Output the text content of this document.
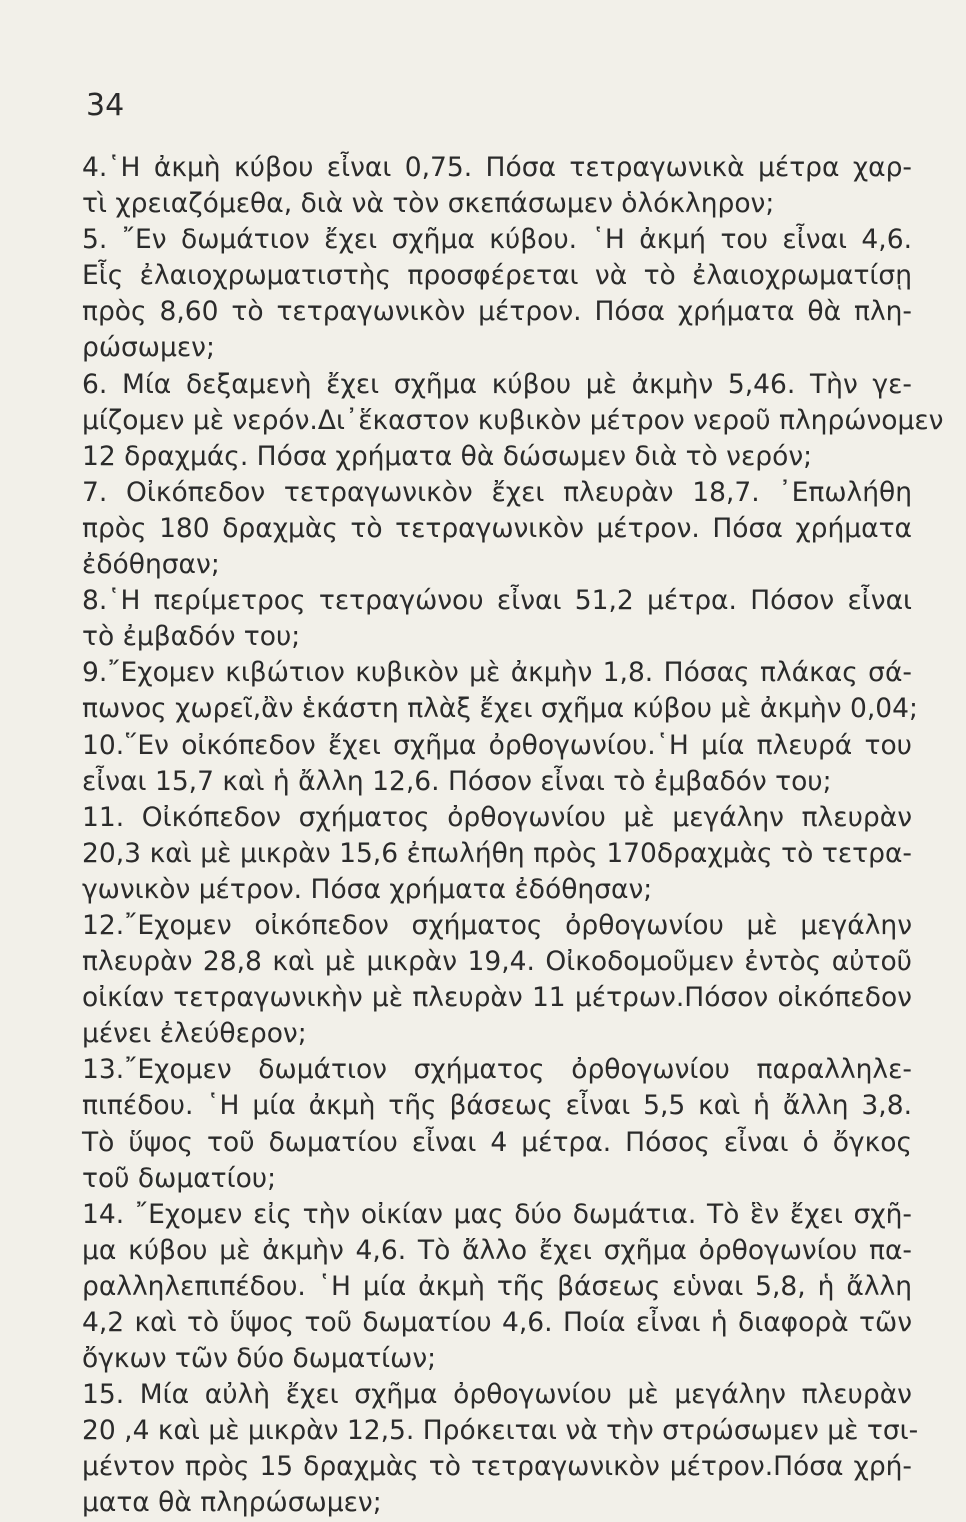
34
4.῾Η ἀκμὴ κύβου εἶναι 0,75. Πόσα τετραγωνικὰ μέτρα χαρ-
τὶ χρειαζόμεθα, διὰ νὰ τὸν σκεπάσωμεν ὁλόκληρον;
5. ῎Εν δωμάτιον ἔχει σχῆμα κύβου. ῾Η ἀκμή του εἶναι 4,6.
Εἷς ἐλαιοχρωματιστὴς προσφέρεται νὰ τὸ ἐλαιοχρωματίσῃ
πρὸς 8,60 τὸ τετραγωνικὸν μέτρον. Πόσα χρήματα θὰ πλη-
ρώσωμεν;
6. Μία δεξαμενὴ ἔχει σχῆμα κύβου μὲ ἀκμὴν 5,46. Τὴν γε-
μίζομεν μὲ νερόν.Δι᾽ἕκαστον κυβικὸν μέτρον νεροῦ πληρώνομεν
12 δραχμάς. Πόσα χρήματα θὰ δώσωμεν διὰ τὸ νερόν;
7. Οἰκόπεδον τετραγωνικὸν ἔχει πλευρὰν 18,7. ᾽Επωλήθη
πρὸς 180 δραχμὰς τὸ τετραγωνικὸν μέτρον. Πόσα χρήματα
ἐδόθησαν;
8.῾Η περίμετρος τετραγώνου εἶναι 51,2 μέτρα. Πόσον εἶναι
τὸ ἐμβαδόν του;
9.῎Εχομεν κιβώτιον κυβικὸν μὲ ἀκμὴν 1,8. Πόσας πλάκας σά-
πωνος χωρεῖ,ἂν ἑκάστη πλὰξ ἔχει σχῆμα κύβου μὲ ἀκμὴν 0,04;
10.῞Εν οἰκόπεδον ἔχει σχῆμα ὀρθογωνίου.῾Η μία πλευρά του
εἶναι 15,7 καὶ ἡ ἄλλη 12,6. Πόσον εἶναι τὸ ἐμβαδόν του;
11. Οἰκόπεδον σχήματος ὀρθογωνίου μὲ μεγάλην πλευρὰν
20,3 καὶ μὲ μικρὰν 15,6 ἐπωλήθη πρὸς 170δραχμὰς τὸ τετρα-
γωνικὸν μέτρον. Πόσα χρήματα ἐδόθησαν;
12.῎Εχομεν οἰκόπεδον σχήματος ὀρθογωνίου μὲ μεγάλην
πλευρὰν 28,8 καὶ μὲ μικρὰν 19,4. Οἰκοδομοῦμεν ἐντὸς αὐτοῦ
οἰκίαν τετραγωνικὴν μὲ πλευρὰν 11 μέτρων.Πόσον οἰκόπεδον
μένει ἐλεύθερον;
13.῎Εχομεν δωμάτιον σχήματος ὀρθογωνίου παραλληλε-
πιπέδου. ῾Η μία ἀκμὴ τῆς βάσεως εἶναι 5,5 καὶ ἡ ἄλλη 3,8.
Τὸ ὕψος τοῦ δωματίου εἶναι 4 μέτρα. Πόσος εἶναι ὁ ὄγκος
τοῦ δωματίου;
14. ῎Εχομεν εἰς τὴν οἰκίαν μας δύο δωμάτια. Τὸ ἓν ἔχει σχῆ-
μα κύβου μὲ ἀκμὴν 4,6. Τὸ ἄλλο ἔχει σχῆμα ὀρθογωνίου πα-
ραλληλεπιπέδου. ῾Η μία ἀκμὴ τῆς βάσεως εὑναι 5,8, ἡ ἄλλη
4,2 καὶ τὸ ὕψος τοῦ δωματίου 4,6. Ποία εἶναι ἡ διαφορὰ τῶν
ὄγκων τῶν δύο δωματίων;
15. Μία αὐλὴ ἔχει σχῆμα ὀρθογωνίου μὲ μεγάλην πλευρὰν
20 ,4 καὶ μὲ μικρὰν 12,5. Πρόκειται νὰ τὴν στρώσωμεν μὲ τσι-
μέντον πρὸς 15 δραχμὰς τὸ τετραγωνικὸν μέτρον.Πόσα χρή-
ματα θὰ πληρώσωμεν;
